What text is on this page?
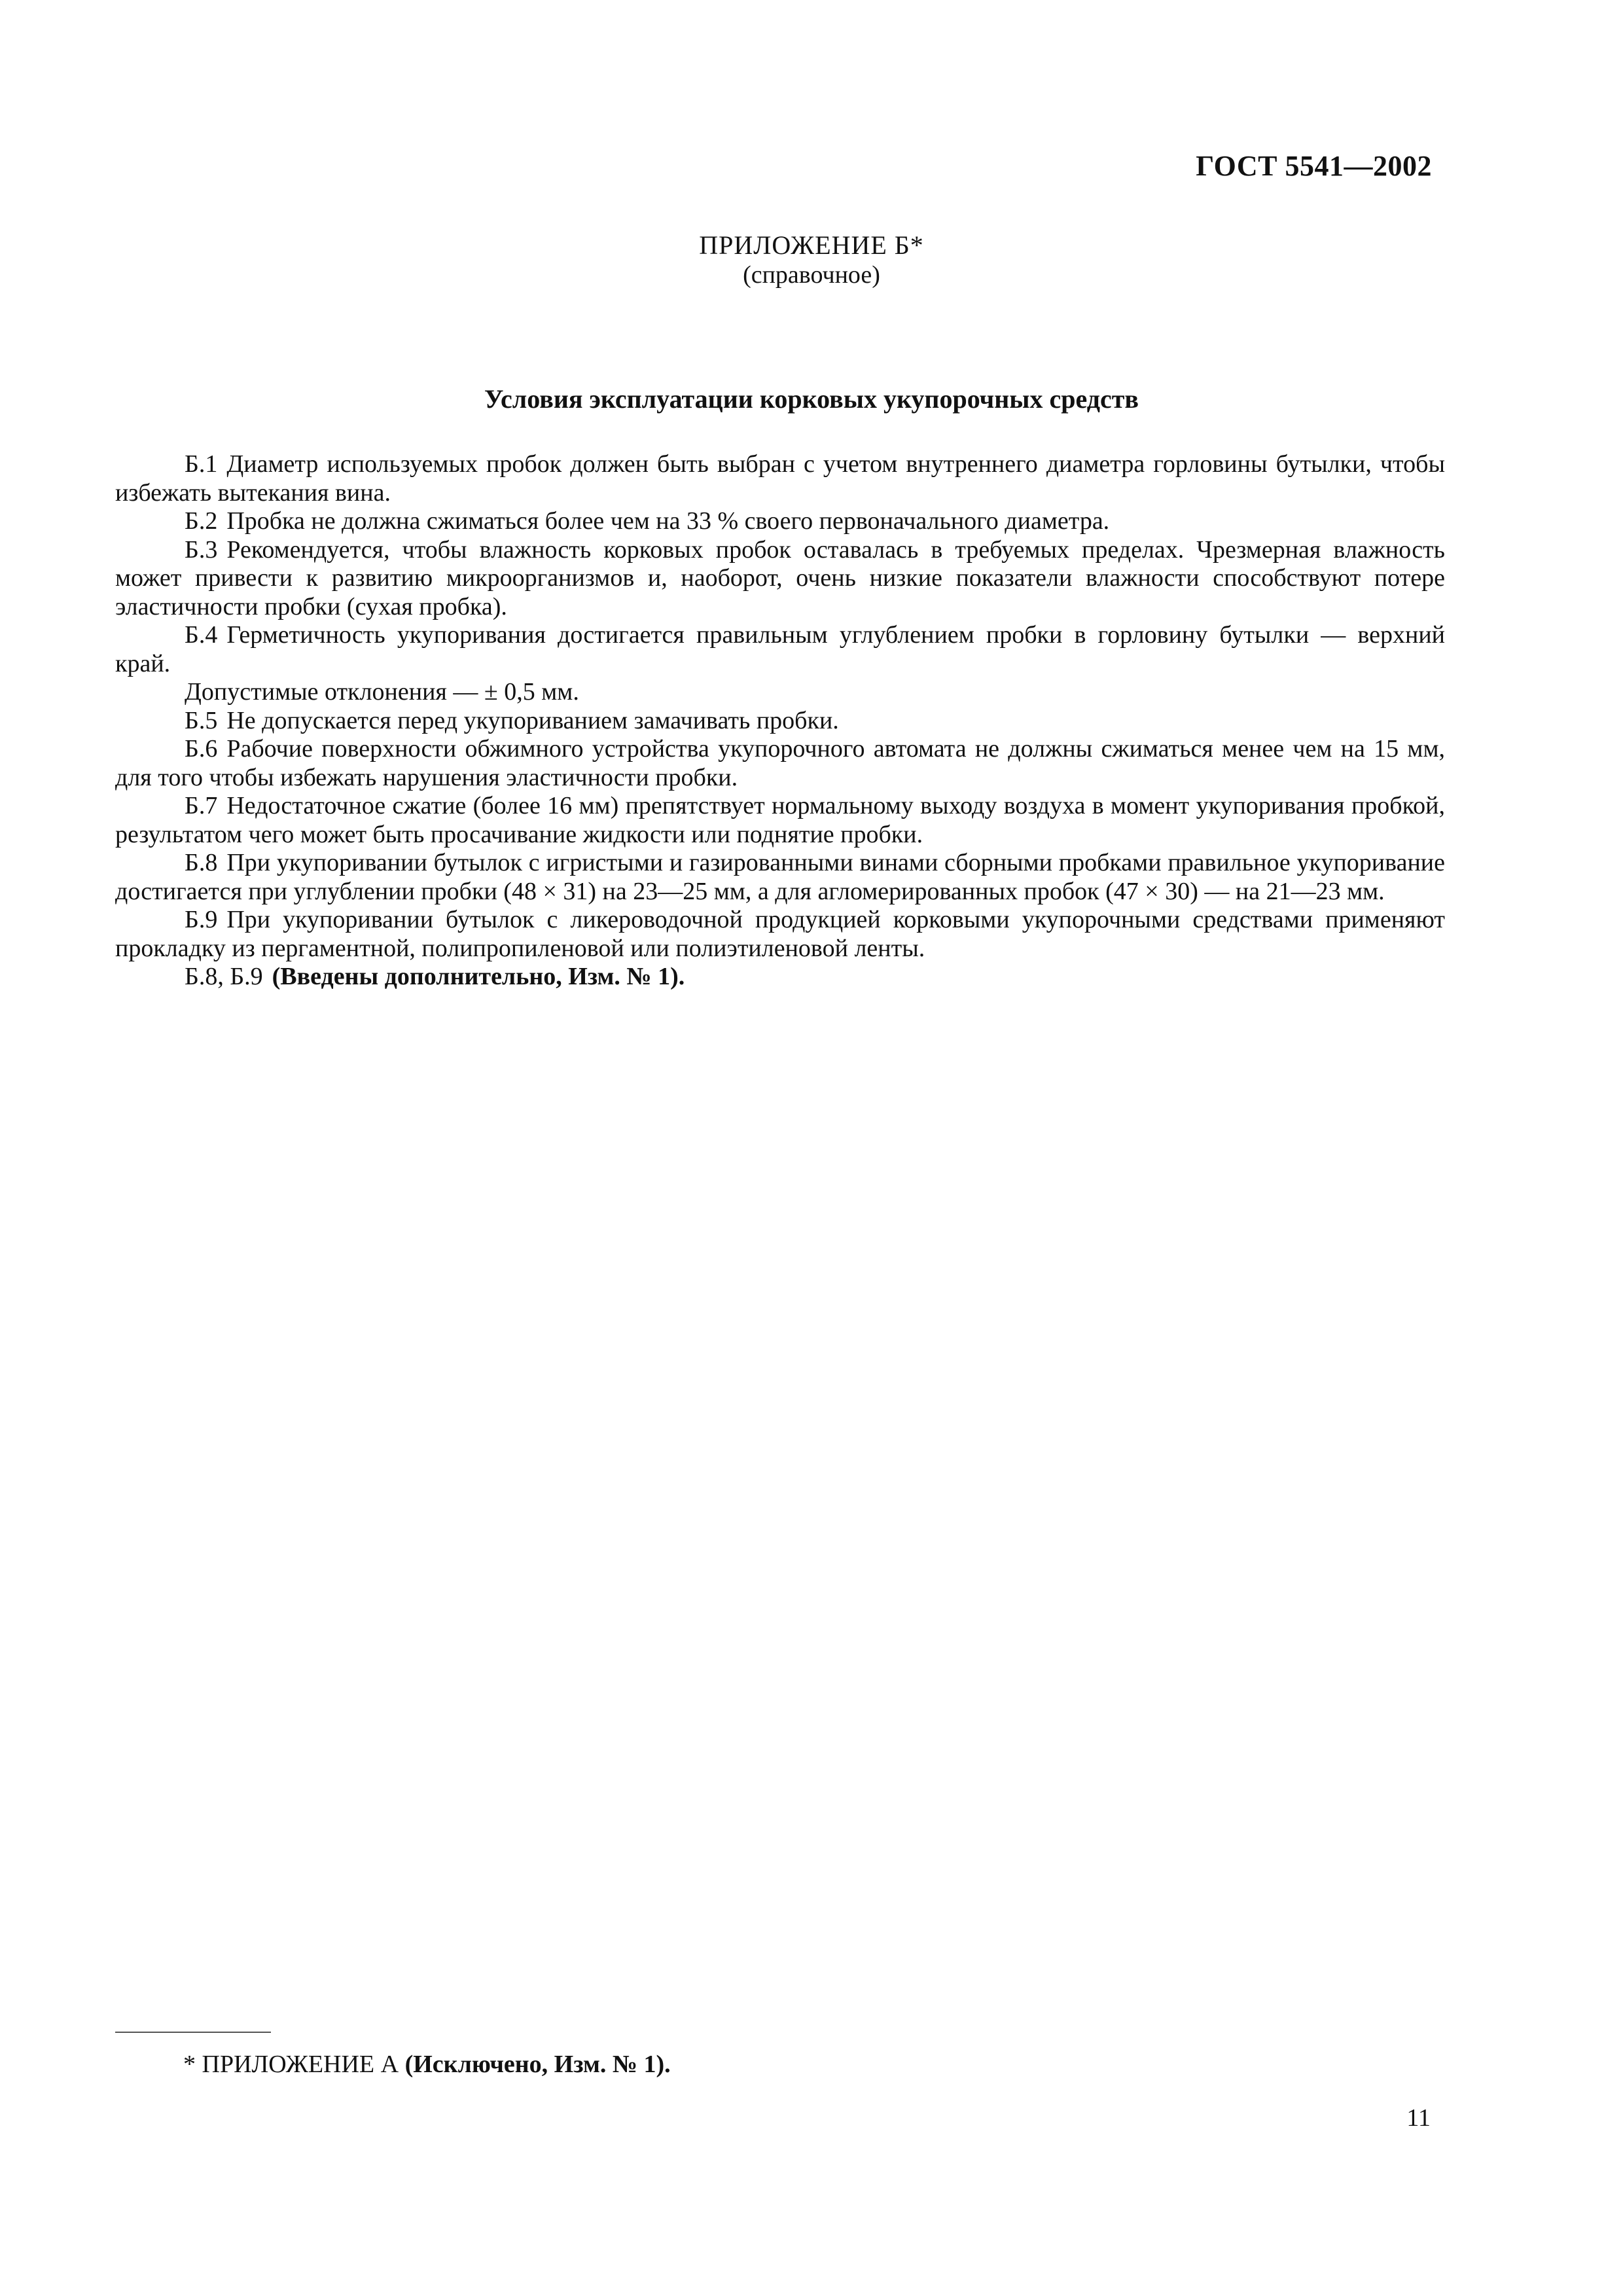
ГОСТ 5541—2002
ПРИЛОЖЕНИЕ Б*
(справочное)
Условия эксплуатации корковых укупорочных средств

Б.1 Диаметр используемых пробок должен быть выбран с учетом внутреннего диаметра горловины бутылки, чтобы избежать вытекания вина.

Б.2 Пробка не должна сжиматься более чем на 33 % своего первоначального диаметра.

Б.3 Рекомендуется, чтобы влажность корковых пробок оставалась в требуемых пределах. Чрезмерная влажность может привести к развитию микроорганизмов и, наоборот, очень низкие показатели влажности способствуют потере эластичности пробки (сухая пробка).

Б.4 Герметичность укупоривания достигается правильным углублением пробки в горловину бутылки — верхний край.

Допустимые отклонения — ± 0,5 мм.

Б.5 Не допускается перед укупориванием замачивать пробки.

Б.6 Рабочие поверхности обжимного устройства укупорочного автомата не должны сжиматься менее чем на 15 мм, для того чтобы избежать нарушения эластичности пробки.

Б.7 Недостаточное сжатие (более 16 мм) препятствует нормальному выходу воздуха в момент укупоривания пробкой, результатом чего может быть просачивание жидкости или поднятие пробки.

Б.8 При укупоривании бутылок с игристыми и газированными винами сборными пробками правильное укупоривание достигается при углублении пробки (48 × 31) на 23—25 мм, а для агломерированных пробок (47 × 30) — на 21—23 мм.

Б.9 При укупоривании бутылок с ликероводочной продукцией корковыми укупорочными средствами применяют прокладку из пергаментной, полипропиленовой или полиэтиленовой ленты.

Б.8, Б.9 (Введены дополнительно, Изм. № 1).

* ПРИЛОЖЕНИЕ А (Исключено, Изм. № 1).
11
